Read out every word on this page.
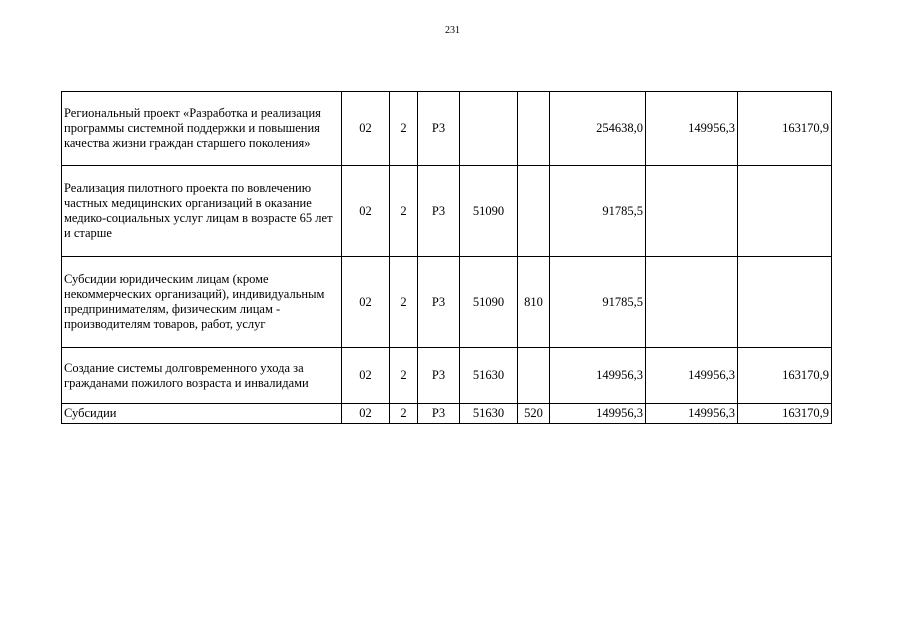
231
Региональный проект «Разработка и реализация программы системной поддержки и повышения качества жизни граждан старшего поколения»	02	2	Р3			254638,0	149956,3	163170,9
Реализация пилотного проекта по вовлечению частных медицинских организаций в оказание медико-социальных услуг лицам в возрасте 65 лет и старше	02	2	Р3	51090		91785,5		
Субсидии юридическим лицам (кроме некоммерческих организаций), индивидуальным предпринимателям, физическим лицам - производителям товаров, работ, услуг	02	2	Р3	51090	810	91785,5		
Создание системы долговременного ухода за гражданами пожилого возраста и инвалидами	02	2	Р3	51630		149956,3	149956,3	163170,9
Субсидии	02	2	Р3	51630	520	149956,3	149956,3	163170,9
